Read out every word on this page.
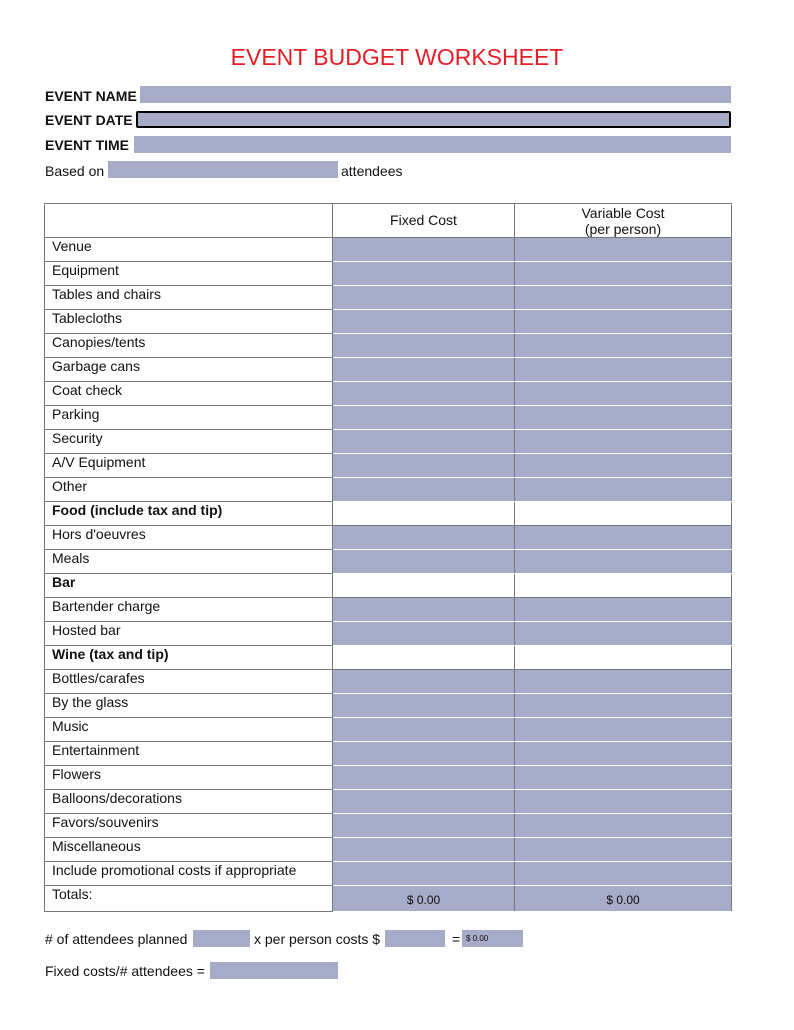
EVENT BUDGET WORKSHEET
EVENT NAME
EVENT DATE
EVENT TIME
Based on	attendees
	Fixed Cost	Variable Cost
(per person)
Venue		
Equipment		
Tables and chairs		
Tablecloths		
Canopies/tents		
Garbage cans		
Coat check		
Parking		
Security		
A/V Equipment		
Other		
Food (include tax and tip)		
Hors d'oeuvres		
Meals		
Bar		
Bartender charge		
Hosted bar		
Wine (tax and tip)		
Bottles/carafes		
By the glass		
Music		
Entertainment		
Flowers		
Balloons/decorations		
Favors/souvenirs		
Miscellaneous		
Include promotional costs if appropriate		
Totals:	$ 0.00	$ 0.00
# of attendees planned	x per person costs $	= $ 0.00
Fixed costs/# attendees =
